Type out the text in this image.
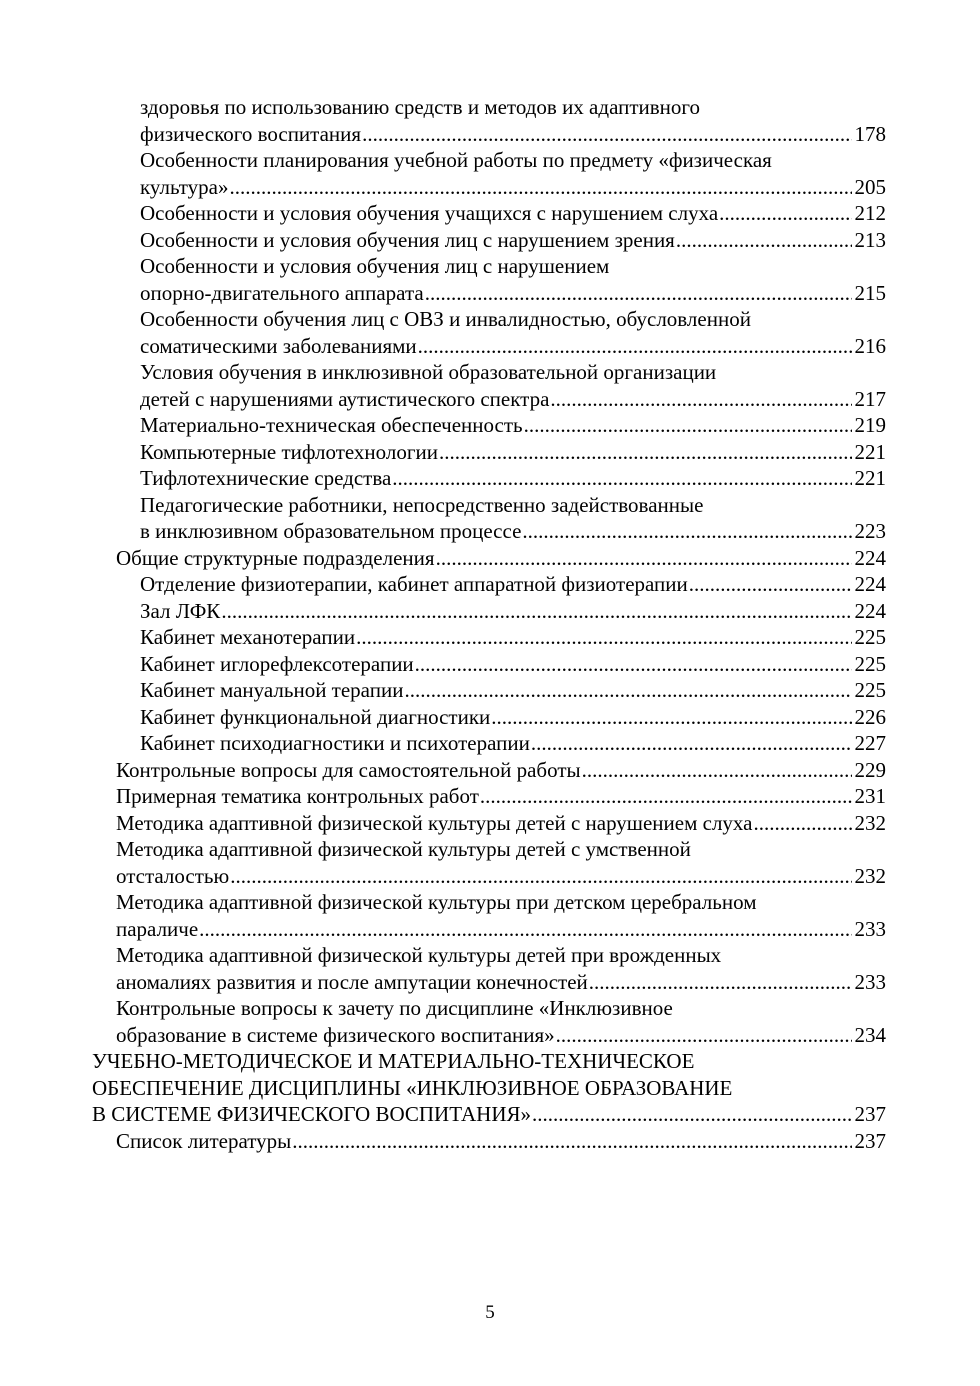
здоровья по использованию средств и методов их адаптивного
физического воспитания .....	178
Особенности планирования учебной работы по предмету «физическая
культура» .....	205
Особенности и условия обучения учащихся с нарушением слуха .....	212
Особенности и условия обучения лиц с нарушением зрения .....	213
Особенности и условия обучения лиц с нарушением
опорно-двигательного аппарата .....	215
Особенности обучения лиц с ОВЗ и инвалидностью, обусловленной
соматическими заболеваниями .....	216
Условия обучения в инклюзивной образовательной организации
детей с нарушениями аутистического спектра .....	217
Материально-техническая обеспеченность .....	219
Компьютерные тифлотехнологии .....	221
Тифлотехнические средства .....	221
Педагогические работники, непосредственно задействованные
в инклюзивном образовательном процессе .....	223
Общие структурные подразделения .....	224
Отделение физиотерапии, кабинет аппаратной физиотерапии .....	224
Зал ЛФК .....	224
Кабинет механотерапии .....	225
Кабинет иглорефлексотерапии .....	225
Кабинет мануальной терапии .....	225
Кабинет функциональной диагностики .....	226
Кабинет психодиагностики и психотерапии .....	227
Контрольные вопросы для самостоятельной работы .....	229
Примерная тематика контрольных работ .....	231
Методика адаптивной физической культуры детей с нарушением слуха .....	232
Методика адаптивной физической культуры детей с умственной
отсталостью .....	232
Методика адаптивной физической культуры при детском церебральном
параличе .....	233
Методика адаптивной физической культуры детей при врожденных
аномалиях развития и после ампутации конечностей .....	233
Контрольные вопросы к зачету по дисциплине «Инклюзивное
образование в системе физического воспитания» .....	234
УЧЕБНО-МЕТОДИЧЕСКОЕ И МАТЕРИАЛЬНО-ТЕХНИЧЕСКОЕ
ОБЕСПЕЧЕНИЕ ДИСЦИПЛИНЫ «ИНКЛЮЗИВНОЕ ОБРАЗОВАНИЕ
В СИСТЕМЕ ФИЗИЧЕСКОГО ВОСПИТАНИЯ» .....	237
Список литературы .....	237
5
